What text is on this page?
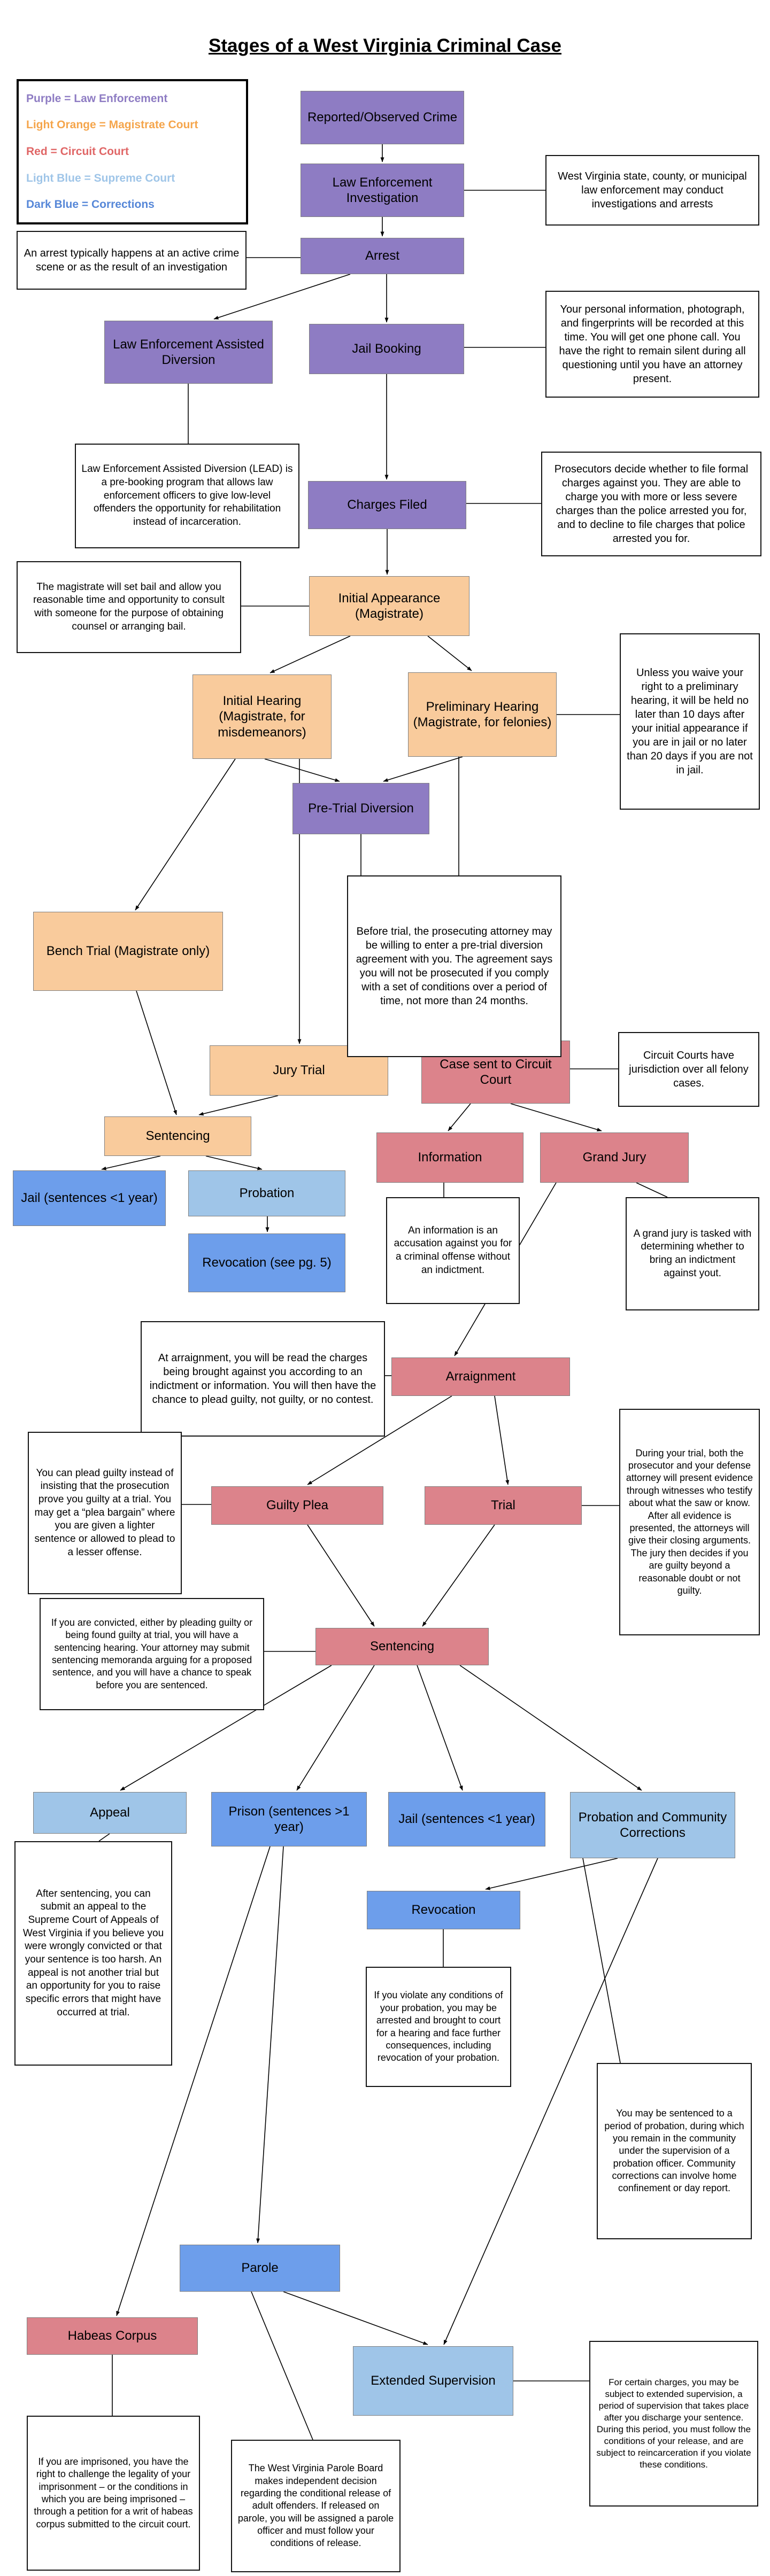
Stages of a West Virginia Criminal Case
Purple = Law Enforcement
Light Orange = Magistrate Court
Red = Circuit Court
Light Blue = Supreme Court
Dark Blue = Corrections
Reported/Observed Crime
Law Enforcement Investigation
Arrest
Law Enforcement Assisted Diversion
Jail Booking
Charges Filed
Initial Appearance (Magistrate)
Initial Hearing (Magistrate, for misdemeanors)
Preliminary Hearing (Magistrate, for felonies)
Pre-Trial Diversion
Bench Trial (Magistrate only)
Jury Trial	Case sent to Circuit Court
Sentencing
Jail (sentences <1 year)	Probation
Revocation (see pg. 5)
Information	Grand Jury
Arraignment
Guilty Plea	Trial
Sentencing
Appeal	Prison (sentences >1 year)
Jail (sentences <1 year)	Probation and Community Corrections
Revocation
Parole
Habeas Corpus
Extended Supervision
West Virginia state, county, or municipal law enforcement may conduct investigations and arrests
An arrest typically happens at an active crime scene or as the result of an investigation
Your personal information, photograph, and fingerprints will be recorded at this time. You will get one phone call. You have the right to remain silent during all questioning until you have an attorney present.
Law Enforcement Assisted Diversion (LEAD) is a pre-booking program that allows law enforcement officers to give low-level offenders the opportunity for rehabilitation instead of incarceration.
Prosecutors decide whether to file formal charges against you. They are able to charge you with more or less severe charges than the police arrested you for, and to decline to file charges that police arrested you for.
The magistrate will set bail and allow you reasonable time and opportunity to consult with someone for the purpose of obtaining counsel or arranging bail.
Unless you waive your right to a preliminary hearing, it will be held no later than 10 days after your initial appearance if you are in jail or no later than 20 days if you are not in jail.
Before trial, the prosecuting attorney may be willing to enter a pre-trial diversion agreement with you. The agreement says you will not be prosecuted if you comply with a set of conditions over a period of time, not more than 24 months.
Circuit Courts have jurisdiction over all felony cases.
An information is an accusation against you for a criminal offense without an indictment.
A grand jury is tasked with determining whether to bring an indictment against yout.
At arraignment, you will be read the charges being brought against you according to an indictment or information. You will then have the chance to plead guilty, not guilty, or no contest.
You can plead guilty instead of insisting that the prosecution prove you guilty at a trial. You may get a “plea bargain” where you are given a lighter sentence or allowed to plead to a lesser offense.
During your trial, both the prosecutor and your defense attorney will present evidence through witnesses who testify about what the saw or know. After all evidence is presented, the attorneys will give their closing arguments. The jury then decides if you are guilty beyond a reasonable doubt or not guilty.
If you are convicted, either by pleading guilty or being found guilty at trial, you will have a sentencing hearing. Your attorney may submit sentencing memoranda arguing for a proposed sentence, and you will have a chance to speak before you are sentenced.
After sentencing, you can submit an appeal to the Supreme Court of Appeals of West Virginia if you believe you were wrongly convicted or that your sentence is too harsh. An appeal is not another trial but an opportunity for you to raise specific errors that might have occurred at trial.
If you violate any conditions of your probation, you may be arrested and brought to court for a hearing and face further consequences, including revocation of your probation.
You may be sentenced to a period of probation, during which you remain in the community under the supervision of a probation officer. Community corrections can involve home confinement or day report.
For certain charges, you may be subject to extended supervision, a period of supervision that takes place after you discharge your sentence. During this period, you must follow the conditions of your release, and are subject to reincarceration if you violate these conditions.
If you are imprisoned, you have the right to challenge the legality of your imprisonment – or the conditions in which you are being imprisoned – through a petition for a writ of habeas corpus submitted to the circuit court.
The West Virginia Parole Board makes independent decision regarding the conditional release of adult offenders. If released on parole, you will be assigned a parole officer and must follow your conditions of release.
